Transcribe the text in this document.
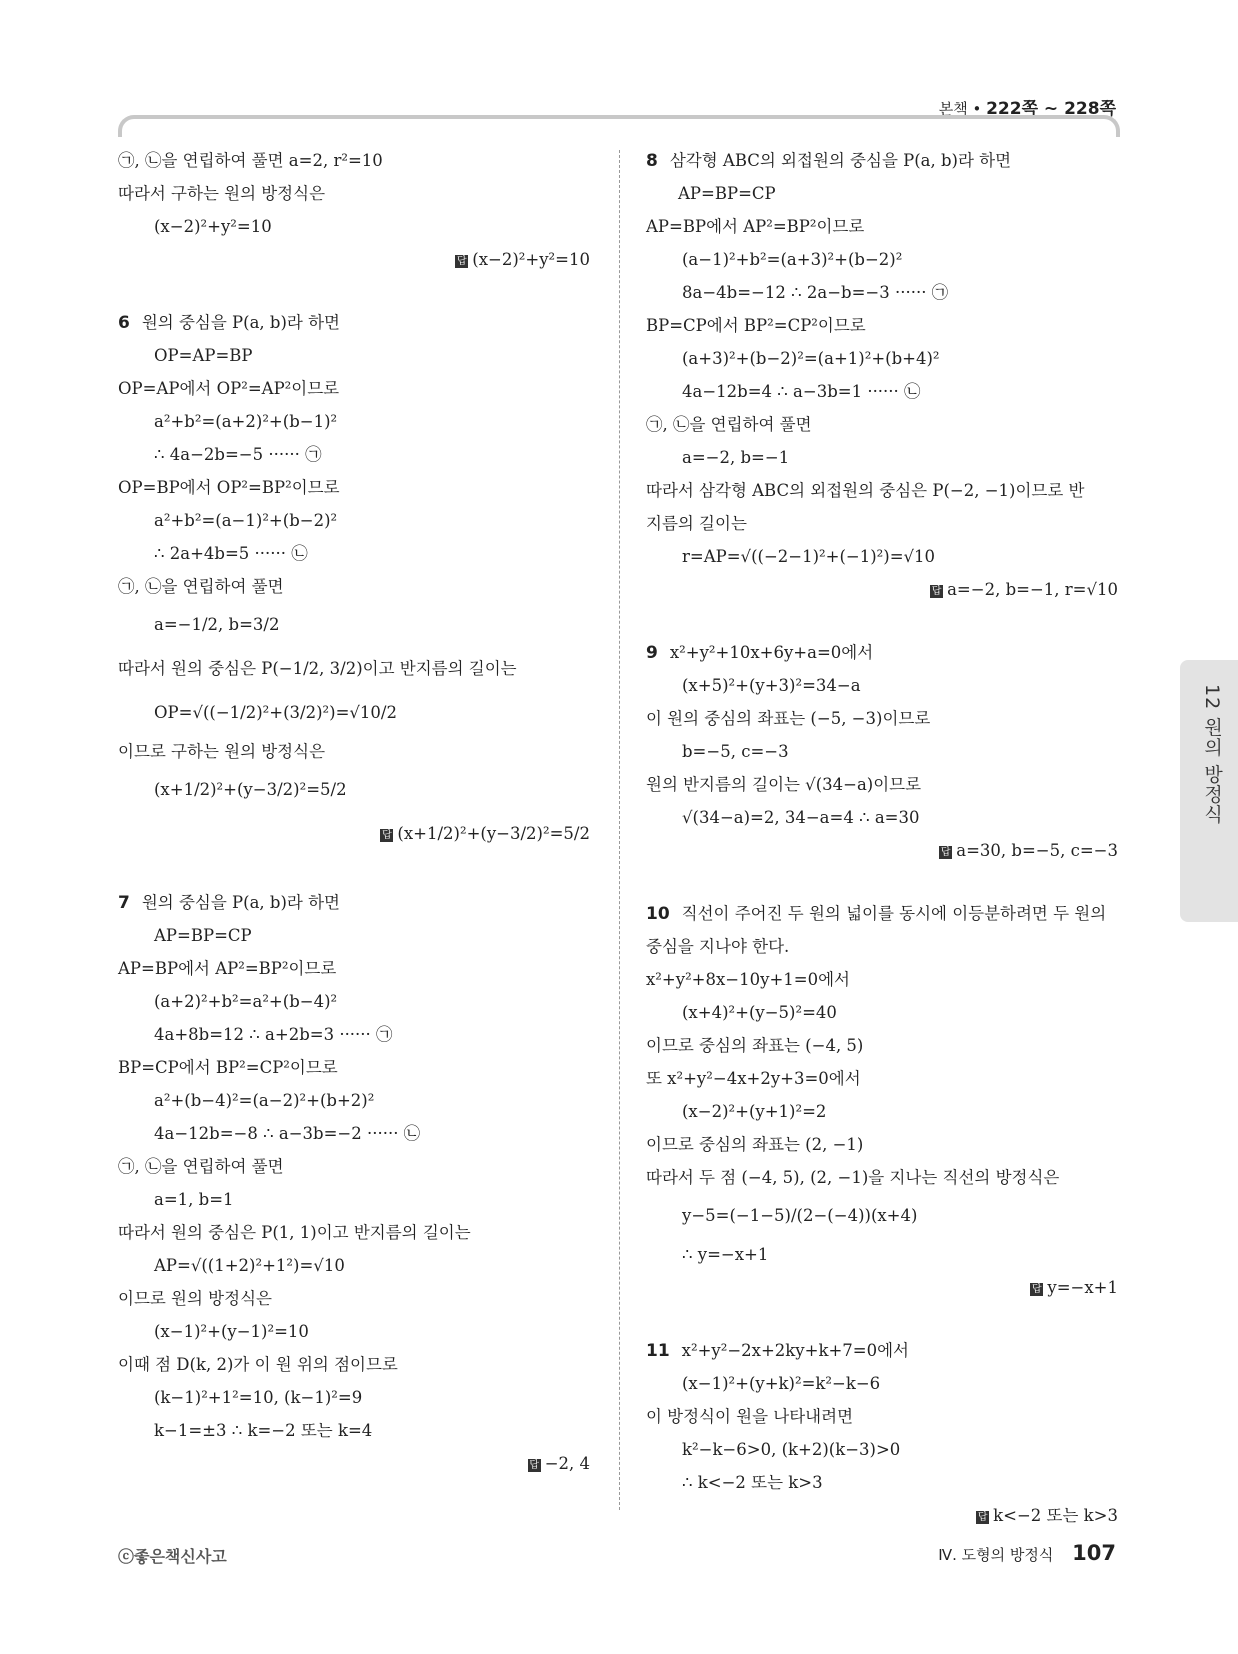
본책 • 222쪽 ~ 228쪽
㉠, ㉡을 연립하여 풀면 a=2, r²=10
따라서 구하는 원의 방정식은
(x−2)²+y²=10
답 (x−2)²+y²=10
6 원의 중심을 P(a, b)라 하면
OP=AP=BP
OP=AP에서 OP²=AP²이므로
a²+b²=(a+2)²+(b−1)²
∴ 4a−2b=−5 ······ ㉠
OP=BP에서 OP²=BP²이므로
a²+b²=(a−1)²+(b−2)²
∴ 2a+4b=5 ······ ㉡
㉠, ㉡을 연립하여 풀면
a=−1/2, b=3/2
따라서 원의 중심은 P(−1/2, 3/2)이고 반지름의 길이는
OP=√((−1/2)²+(3/2)²)=√10/2
이므로 구하는 원의 방정식은
(x+1/2)²+(y−3/2)²=5/2
답 (x+1/2)²+(y−3/2)²=5/2
7 원의 중심을 P(a, b)라 하면
AP=BP=CP
AP=BP에서 AP²=BP²이므로
(a+2)²+b²=a²+(b−4)²
4a+8b=12 ∴ a+2b=3 ······ ㉠
BP=CP에서 BP²=CP²이므로
a²+(b−4)²=(a−2)²+(b+2)²
4a−12b=−8 ∴ a−3b=−2 ······ ㉡
㉠, ㉡을 연립하여 풀면
a=1, b=1
따라서 원의 중심은 P(1, 1)이고 반지름의 길이는
AP=√((1+2)²+1²)=√10
이므로 원의 방정식은
(x−1)²+(y−1)²=10
이때 점 D(k, 2)가 이 원 위의 점이므로
(k−1)²+1²=10, (k−1)²=9
k−1=±3 ∴ k=−2 또는 k=4
답 −2, 4
8 삼각형 ABC의 외접원의 중심을 P(a, b)라 하면
AP=BP=CP
AP=BP에서 AP²=BP²이므로
(a−1)²+b²=(a+3)²+(b−2)²
8a−4b=−12 ∴ 2a−b=−3 ······ ㉠
BP=CP에서 BP²=CP²이므로
(a+3)²+(b−2)²=(a+1)²+(b+4)²
4a−12b=4 ∴ a−3b=1 ······ ㉡
㉠, ㉡을 연립하여 풀면
a=−2, b=−1
따라서 삼각형 ABC의 외접원의 중심은 P(−2, −1)이므로 반
지름의 길이는
r=AP=√((−2−1)²+(−1)²)=√10
답 a=−2, b=−1, r=√10
9 x²+y²+10x+6y+a=0에서
(x+5)²+(y+3)²=34−a
이 원의 중심의 좌표는 (−5, −3)이므로
b=−5, c=−3
원의 반지름의 길이는 √(34−a)이므로
√(34−a)=2, 34−a=4 ∴ a=30
답 a=30, b=−5, c=−3
10 직선이 주어진 두 원의 넓이를 동시에 이등분하려면 두 원의
중심을 지나야 한다.
x²+y²+8x−10y+1=0에서
(x+4)²+(y−5)²=40
이므로 중심의 좌표는 (−4, 5)
또 x²+y²−4x+2y+3=0에서
(x−2)²+(y+1)²=2
이므로 중심의 좌표는 (2, −1)
따라서 두 점 (−4, 5), (2, −1)을 지나는 직선의 방정식은
y−5=(−1−5)/(2−(−4))(x+4)
∴ y=−x+1
답 y=−x+1
11 x²+y²−2x+2ky+k+7=0에서
(x−1)²+(y+k)²=k²−k−6
이 방정식이 원을 나타내려면
k²−k−6>0, (k+2)(k−3)>0
∴ k<−2 또는 k>3
답 k<−2 또는 k>3
12 원의 방정식
ⓒ좋은책신사고	Ⅳ. 도형의 방정식 107
